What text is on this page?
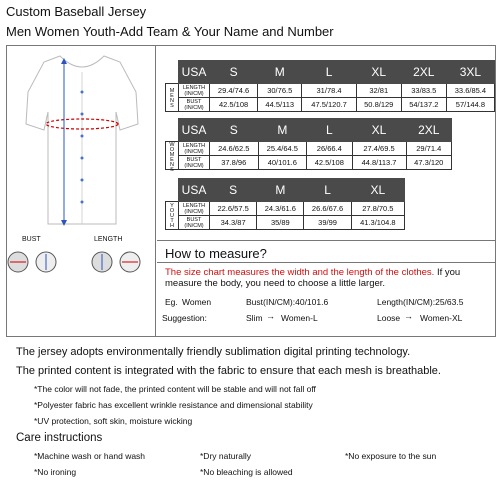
Custom Baseball Jersey
Men Women Youth-Add Team & Your Name and Number
BUST	LENGTH
	USA	S	M	L	XL	2XL	3XL
MENS	LENGTH (IN/CM)	29.4/74.6	30/76.5	31/78.4	32/81	33/83.5	33.6/85.4
	BUST (IN/CM)	42.5/108	44.5/113	47.5/120.7	50.8/129	54/137.2	57/144.8
	USA	S	M	L	XL	2XL
WOMENS	LENGTH (IN/CM)	24.6/62.5	25.4/64.5	26/66.4	27.4/69.5	29/71.4
	BUST (IN/CM)	37.8/96	40/101.6	42.5/108	44.8/113.7	47.3/120
	USA	S	M	L	XL
YOUTH	LENGTH (IN/CM)	22.6/57.5	24.3/61.6	26.6/67.6	27.8/70.5
	BUST (IN/CM)	34.3/87	35/89	39/99	41.3/104.8
How to measure?
The size chart measures the width and the length of the clothes. If you measure the body, you need to choose a little larger.
Eg. Women	Bust(IN/CM):40/101.6	Length(IN/CM):25/63.5
Suggestion:	Slim → Women-L	Loose → Women-XL

The jersey adopts environmentally friendly sublimation digital printing technology.

The printed content is integrated with the fabric to ensure that each mesh is breathable.

*The color will not fade, the printed content will be stable and will not fall off
*Polyester fabric has excellent wrinkle resistance and dimensional stability
*UV protection, soft skin, moisture wicking
Care instructions
*Machine wash or hand wash	*Dry naturally	*No exposure to the sun
*No ironing	*No bleaching is allowed
